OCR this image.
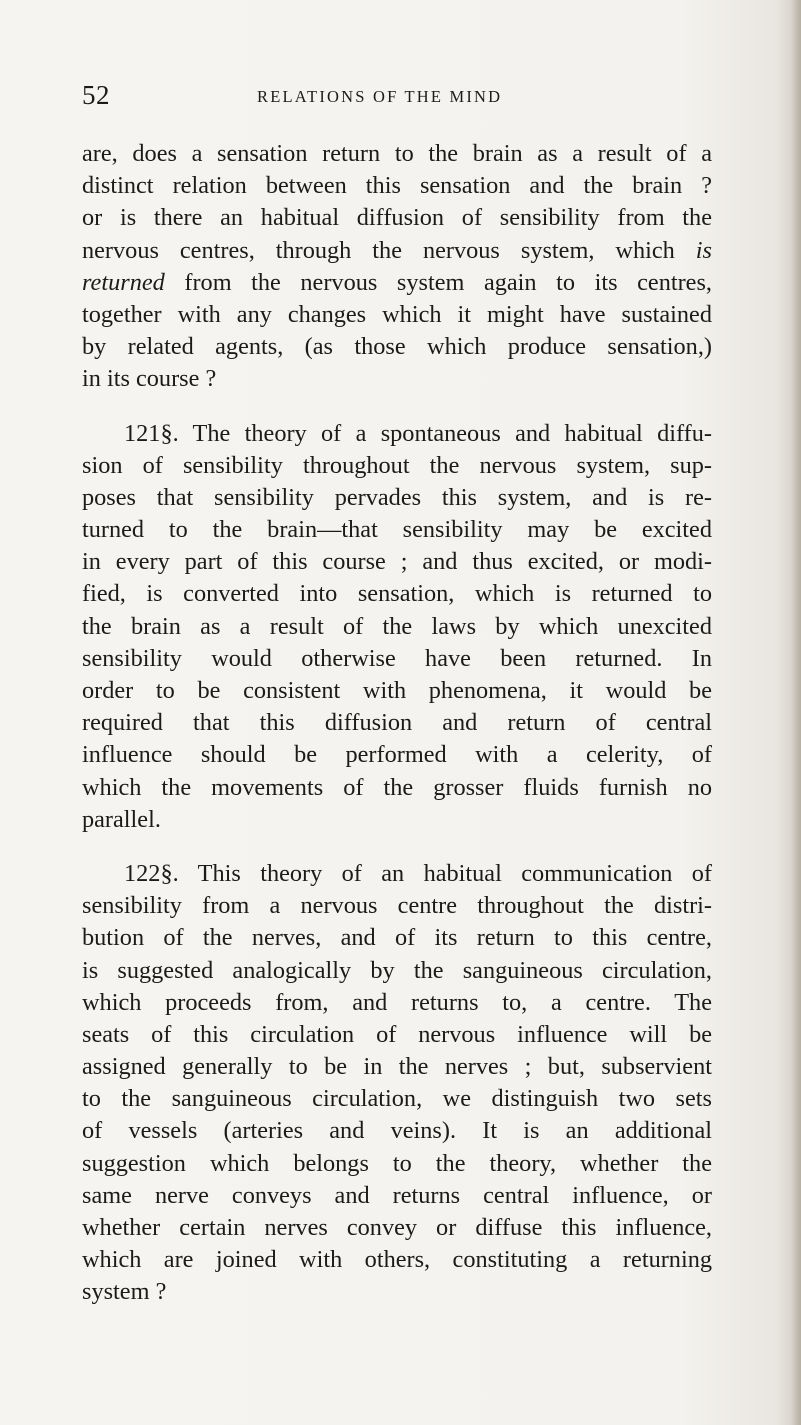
52	RELATIONS OF THE MIND
are, does a sensation return to the brain as a result of a
distinct relation between this sensation and the brain ?
or is there an habitual diffusion of sensibility from the
nervous centres, through the nervous system, which is
returned from the nervous system again to its centres,
together with any changes which it might have sustained
by related agents, (as those which produce sensation,)
in its course ?
121§. The theory of a spontaneous and habitual diffu-
sion of sensibility throughout the nervous system, sup-
poses that sensibility pervades this system, and is re-
turned to the brain—that sensibility may be excited
in every part of this course ; and thus excited, or modi-
fied, is converted into sensation, which is returned to
the brain as a result of the laws by which unexcited
sensibility would otherwise have been returned. In
order to be consistent with phenomena, it would be
required that this diffusion and return of central
influence should be performed with a celerity, of
which the movements of the grosser fluids furnish no
parallel.
122§. This theory of an habitual communication of
sensibility from a nervous centre throughout the distri-
bution of the nerves, and of its return to this centre,
is suggested analogically by the sanguineous circulation,
which proceeds from, and returns to, a centre. The
seats of this circulation of nervous influence will be
assigned generally to be in the nerves ; but, subservient
to the sanguineous circulation, we distinguish two sets
of vessels (arteries and veins). It is an additional
suggestion which belongs to the theory, whether the
same nerve conveys and returns central influence, or
whether certain nerves convey or diffuse this influence,
which are joined with others, constituting a returning
system ?
